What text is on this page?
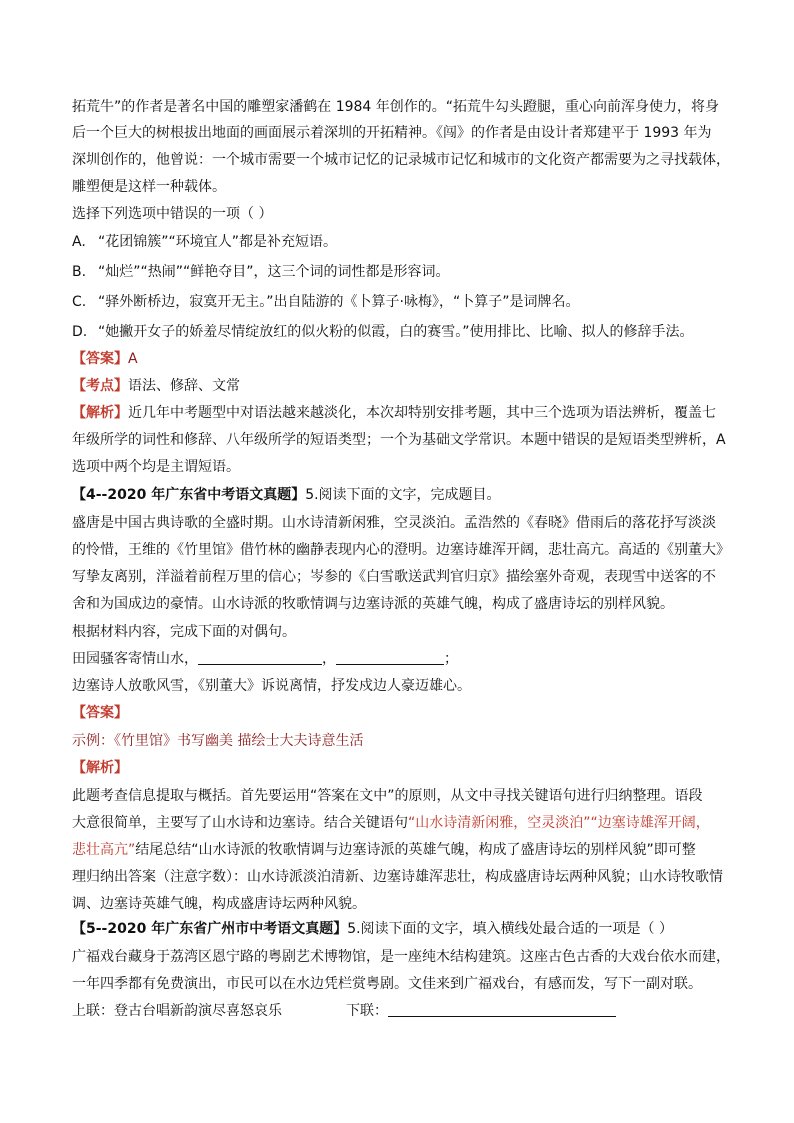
拓荒牛”的作者是著名中国的雕塑家潘鹤在 1984 年创作的。“拓荒牛勾头蹬腿，重心向前浑身使力，将身
后一个巨大的树根拔出地面的画面展示着深圳的开拓精神。《闯》的作者是由设计者郑建平于 1993 年为
深圳创作的，他曾说：一个城市需要一个城市记忆的记录城市记忆和城市的文化资产都需要为之寻找载体，
雕塑便是这样一种载体。
选择下列选项中错误的一项（ ）
A. “花团锦簇”“环境宜人”都是补充短语。
B. “灿烂”“热闹”“鲜艳夺目”，这三个词的词性都是形容词。
C. “驿外断桥边，寂寞开无主。”出自陆游的《卜算子·咏梅》，“卜算子”是词牌名。
D. “她撇开女子的娇羞尽情绽放红的似火粉的似霞，白的赛雪。”使用排比、比喻、拟人的修辞手法。
【答案】A
【考点】语法、修辞、文常
【解析】近几年中考题型中对语法越来越淡化，本次却特别安排考题，其中三个选项为语法辨析，覆盖七
年级所学的词性和修辞、八年级所学的短语类型；一个为基础文学常识。本题中错误的是短语类型辨析，A
选项中两个均是主谓短语。
【4--2020 年广东省中考语文真题】5.阅读下面的文字，完成题目。
盛唐是中国古典诗歌的全盛时期。山水诗清新闲雅，空灵淡泊。孟浩然的《春晓》借雨后的落花抒写淡淡
的怜惜，王维的《竹里馆》借竹林的幽静表现内心的澄明。边塞诗雄浑开阔，悲壮高亢。高适的《别董大》
写挚友离别，洋溢着前程万里的信心；岑参的《白雪歌送武判官归京》描绘塞外奇观，表现雪中送客的不
舍和为国成边的豪情。山水诗派的牧歌情调与边塞诗派的英雄气魄，构成了盛唐诗坛的别样风貌。
根据材料内容，完成下面的对偶句。
田园骚客寄情山水，	，	；
边塞诗人放歌风雪，《别董大》诉说离情，抒发戍边人豪迈雄心。
【答案】
示例：《竹里馆》书写幽美 描绘士大夫诗意生活
【解析】
此题考查信息提取与概括。首先要运用“答案在文中”的原则，从文中寻找关键语句进行归纳整理。语段
大意很简单，主要写了山水诗和边塞诗。结合关键语句“山水诗清新闲雅，空灵淡泊”“边塞诗雄浑开阔，
悲壮高亢”结尾总结“山水诗派的牧歌情调与边塞诗派的英雄气魄，构成了盛唐诗坛的别样风貌”即可整
理归纳出答案（注意字数）：山水诗派淡泊清新、边塞诗雄浑悲壮，构成盛唐诗坛两种风貌；山水诗牧歌情
调、边塞诗英雄气魄，构成盛唐诗坛两种风貌。
【5--2020 年广东省广州市中考语文真题】5.阅读下面的文字，填入横线处最合适的一项是（ ）
广福戏台藏身于荔湾区恩宁路的粤剧艺术博物馆，是一座纯木结构建筑。这座古色古香的大戏台依水而建，
一年四季都有免费演出，市民可以在水边凭栏赏粤剧。文佳来到广福戏台，有感而发，写下一副对联。
上联：登古台唱新韵演尽喜怒哀乐	下联：
